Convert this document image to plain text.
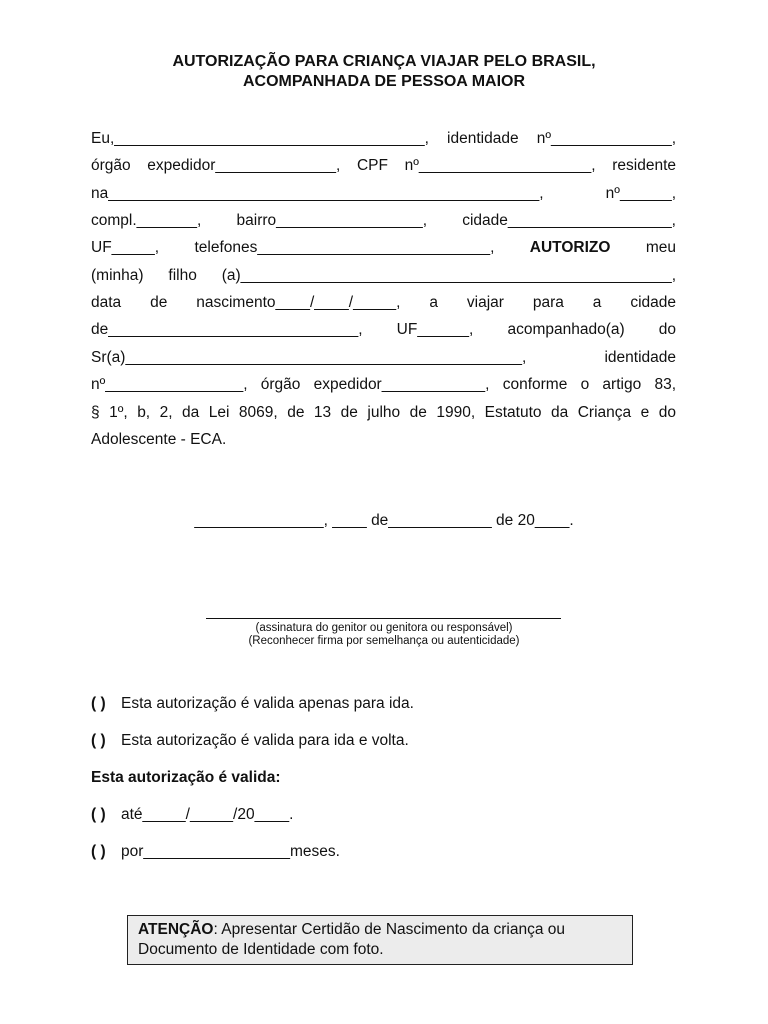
AUTORIZAÇÃO PARA CRIANÇA VIAJAR PELO BRASIL,
ACOMPANHADA DE PESSOA MAIOR
Eu,____________________________________, identidade nº______________,
órgão expedidor______________, CPF nº____________________, residente
na__________________________________________________, nº______,
compl._______, bairro_________________, cidade___________________,
UF_____, telefones___________________________, AUTORIZO meu
(minha) filho (a)__________________________________________________,
data de nascimento____/____/_____, a viajar para a cidade
de_____________________________, UF______, acompanhado(a) do
Sr(a)______________________________________________, identidade
nº________________, órgão expedidor____________, conforme o artigo 83,
§ 1º, b, 2, da Lei 8069, de 13 de julho de 1990, Estatuto da Criança e do
Adolescente - ECA.
_______________, ____ de____________ de 20____.
(assinatura do genitor ou genitora ou responsável)
(Reconhecer firma por semelhança ou autenticidade)
( ) Esta autorização é valida apenas para ida.
( ) Esta autorização é valida para ida e volta.
Esta autorização é valida:
( ) até_____/_____/20____.
( ) por_________________meses.
ATENÇÃO: Apresentar Certidão de Nascimento da criança ou Documento de Identidade com foto.
